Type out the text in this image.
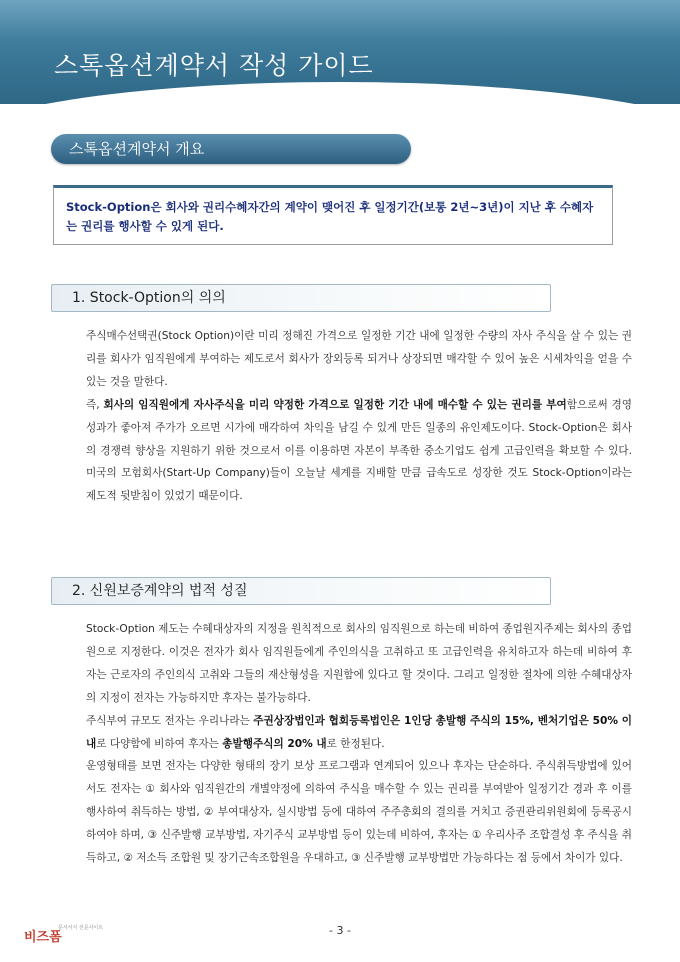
스톡옵션계약서 작성 가이드
스톡옵션계약서 개요
Stock-Option은 회사와 권리수혜자간의 계약이 맺어진 후 일정기간(보통 2년~3년)이 지난 후 수혜자는 권리를 행사할 수 있게 된다.
1. Stock-Option의 의의

주식매수선택권(Stock Option)이란 미리 정해진 가격으로 일정한 기간 내에 일정한 수량의 자사 주식을 살 수 있는 권리를 회사가 임직원에게 부여하는 제도로서 회사가 장외등록 되거나 상장되면 매각할 수 있어 높은 시세차익을 얻을 수 있는 것을 말한다.

즉, 회사의 임직원에게 자사주식을 미리 약정한 가격으로 일정한 기간 내에 매수할 수 있는 권리를 부여함으로써 경영성과가 좋아져 주가가 오르면 시가에 매각하여 차익을 남길 수 있게 만든 일종의 유인제도이다. Stock-Option은 회사의 경쟁력 향상을 지원하기 위한 것으로서 이를 이용하면 자본이 부족한 중소기업도 쉽게 고급인력을 확보할 수 있다. 미국의 모험회사(Start-Up Company)들이 오늘날 세계를 지배할 만큼 급속도로 성장한 것도 Stock-Option이라는 제도적 뒷받침이 있었기 때문이다.

2. 신원보증계약의 법적 성질

Stock-Option 제도는 수혜대상자의 지정을 원칙적으로 회사의 임직원으로 하는데 비하여 종업원지주제는 회사의 종업원으로 지정한다. 이것은 전자가 회사 임직원들에게 주인의식을 고취하고 또 고급인력을 유치하고자 하는데 비하여 후자는 근로자의 주인의식 고취와 그들의 재산형성을 지원함에 있다고 할 것이다. 그리고 일정한 절차에 의한 수혜대상자의 지정이 전자는 가능하지만 후자는 불가능하다.

주식부여 규모도 전자는 우리나라는 주권상장법인과 협회등록법인은 1인당 총발행 주식의 15%, 벤처기업은 50% 이내로 다양함에 비하여 후자는 총발행주식의 20% 내로 한정된다.

운영형태를 보면 전자는 다양한 형태의 장기 보상 프로그램과 연계되어 있으나 후자는 단순하다. 주식취득방법에 있어서도 전자는 ① 회사와 임직원간의 개별약정에 의하여 주식을 매수할 수 있는 권리를 부여받아 일정기간 경과 후 이를 행사하여 취득하는 방법, ② 부여대상자, 실시방법 등에 대하여 주주총회의 결의를 거치고 증권관리위원회에 등록공시하여야 하며, ③ 신주발행 교부방법, 자기주식 교부방법 등이 있는데 비하여, 후자는 ① 우리사주 조합결성 후 주식을 취득하고, ② 저소득 조합원 및 장기근속조합원을 우대하고, ③ 신주발행 교부방법만 가능하다는 점 등에서 차이가 있다.

비즈폼
문서서식 전문사이트	- 3 -
